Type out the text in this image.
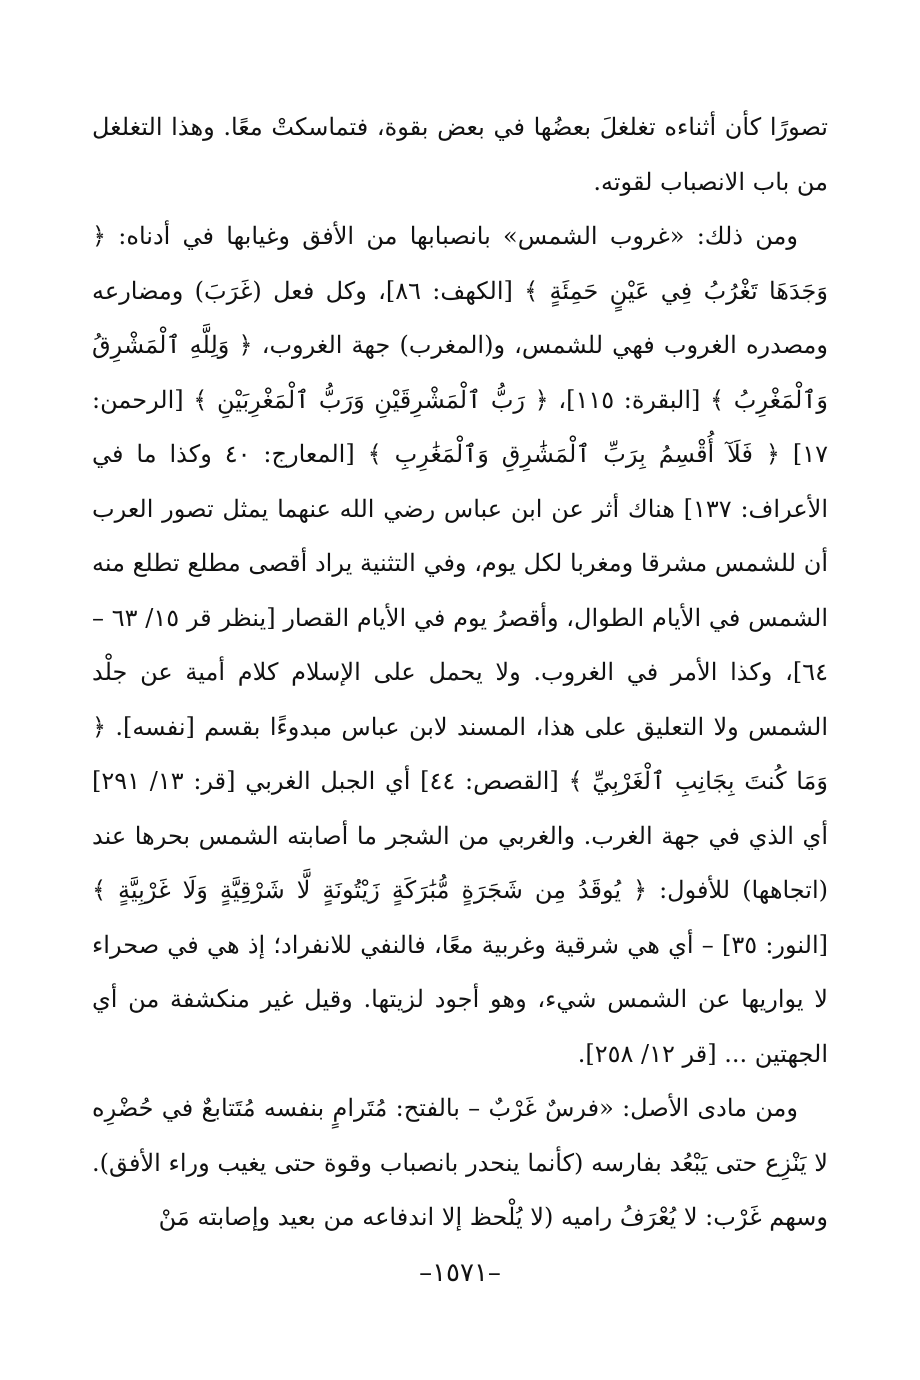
تصورًا كأن أثناءه تغلغلَ بعضُها في بعض بقوة، فتماسكتْ معًا. وهذا التغلغل من باب الانصباب لقوته.

ومن ذلك: «غروب الشمس» بانصبابها من الأفق وغيابها في أدناه: ﴿ وَجَدَهَا تَغْرُبُ فِي عَيْنٍ حَمِئَةٍ ﴾ [الكهف: ٨٦]، وكل فعل (غَرَبَ) ومضارعه ومصدره الغروب فهي للشمس، و(المغرب) جهة الغروب، ﴿ وَلِلَّهِ ٱلْمَشْرِقُ وَٱلْمَغْرِبُ ﴾ [البقرة: ١١٥]، ﴿ رَبُّ ٱلْمَشْرِقَيْنِ وَرَبُّ ٱلْمَغْرِبَيْنِ ﴾ [الرحمن: ١٧] ﴿ فَلَآ أُقْسِمُ بِرَبِّ ٱلْمَشَٰرِقِ وَٱلْمَغَٰرِبِ ﴾ [المعارج: ٤٠ وكذا ما في الأعراف: ١٣٧] هناك أثر عن ابن عباس رضي الله عنهما يمثل تصور العرب أن للشمس مشرقا ومغربا لكل يوم، وفي التثنية يراد أقصى مطلع تطلع منه الشمس في الأيام الطوال، وأقصرُ يوم في الأيام القصار [ينظر قر ١٥/ ٦٣ – ٦٤]، وكذا الأمر في الغروب. ولا يحمل على الإسلام كلام أمية عن جلْد الشمس ولا التعليق على هذا، المسند لابن عباس مبدوءًا بقسم [نفسه]. ﴿ وَمَا كُنتَ بِجَانِبِ ٱلْغَرْبِيِّ ﴾ [القصص: ٤٤] أي الجبل الغربي [قر: ١٣/ ٢٩١] أي الذي في جهة الغرب. والغربي من الشجر ما أصابته الشمس بحرها عند (اتجاهها) للأفول: ﴿ يُوقَدُ مِن شَجَرَةٍ مُّبَٰرَكَةٍ زَيْتُونَةٍ لَّا شَرْقِيَّةٍ وَلَا غَرْبِيَّةٍ ﴾ [النور: ٣٥] – أي هي شرقية وغربية معًا، فالنفي للانفراد؛ إذ هي في صحراء لا يواريها عن الشمس شيء، وهو أجود لزيتها. وقيل غير منكشفة من أي الجهتين ... [قر ١٢/ ٢٥٨].

ومن مادى الأصل: «فرسٌ غَرْبٌ – بالفتح: مُتَرامٍ بنفسه مُتَتابعٌ في حُضْرِه لا يَنْزِع حتى يَبْعُد بفارسه (كأنما ينحدر بانصباب وقوة حتى يغيب وراء الأفق). وسهم غَرْب: لا يُعْرَفُ راميه (لا يُلْحظ إلا اندفاعه من بعيد وإصابته مَنْ

–١٥٧١–
